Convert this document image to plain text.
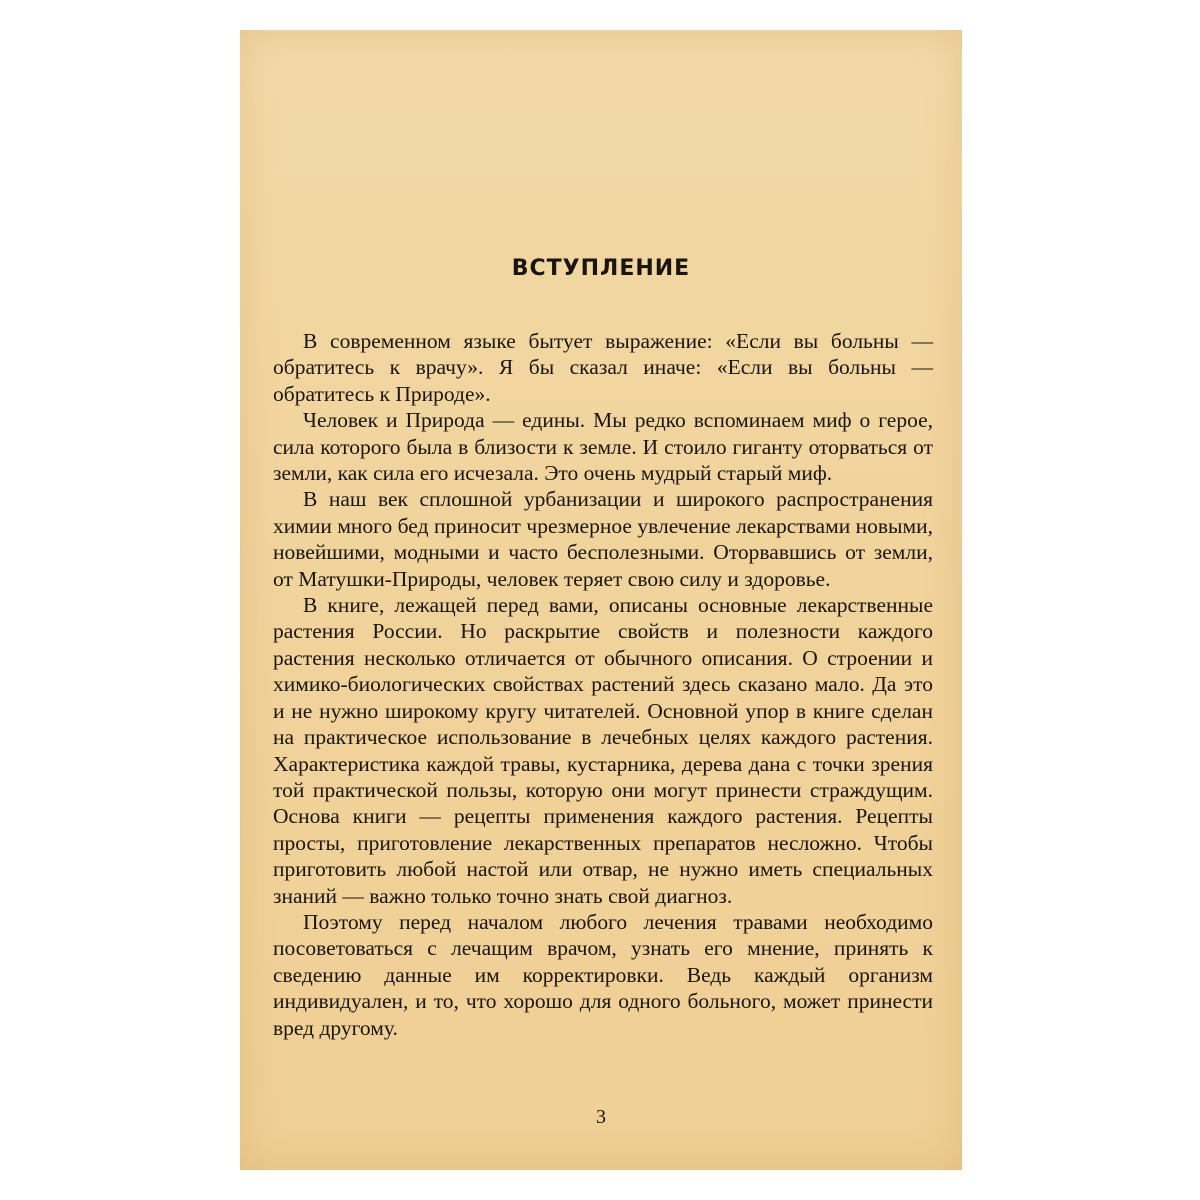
ВСТУПЛЕНИЕ

В современном языке бытует выражение: «Если вы больны — обратитесь к врачу». Я бы сказал иначе: «Если вы больны — обратитесь к Природе».

Человек и Природа — едины. Мы редко вспоминаем миф о герое, сила которого была в близости к земле. И стоило гиганту оторваться от земли, как сила его исчезала. Это очень мудрый старый миф.

В наш век сплошной урбанизации и широкого распространения химии много бед приносит чрезмерное увлечение лекарствами новыми, новейшими, модными и часто бесполезными. Оторвавшись от земли, от Матушки-Природы, человек теряет свою силу и здоровье.

В книге, лежащей перед вами, описаны основные лекарственные растения России. Но раскрытие свойств и полезности каждого растения несколько отличается от обычного описания. О строении и химико-биологических свойствах растений здесь сказано мало. Да это и не нужно широкому кругу читателей. Основной упор в книге сделан на практическое использование в лечебных целях каждого растения. Характеристика каждой травы, кустарника, дерева дана с точки зрения той практической пользы, которую они могут принести страждущим. Основа книги — рецепты применения каждого растения. Рецепты просты, приготовление лекарственных препаратов несложно. Чтобы приготовить любой настой или отвар, не нужно иметь специальных знаний — важно только точно знать свой диагноз.

Поэтому перед началом любого лечения травами необходимо посоветоваться с лечащим врачом, узнать его мнение, принять к сведению данные им корректировки. Ведь каждый организм индивидуален, и то, что хорошо для одного больного, может принести вред другому.

3
